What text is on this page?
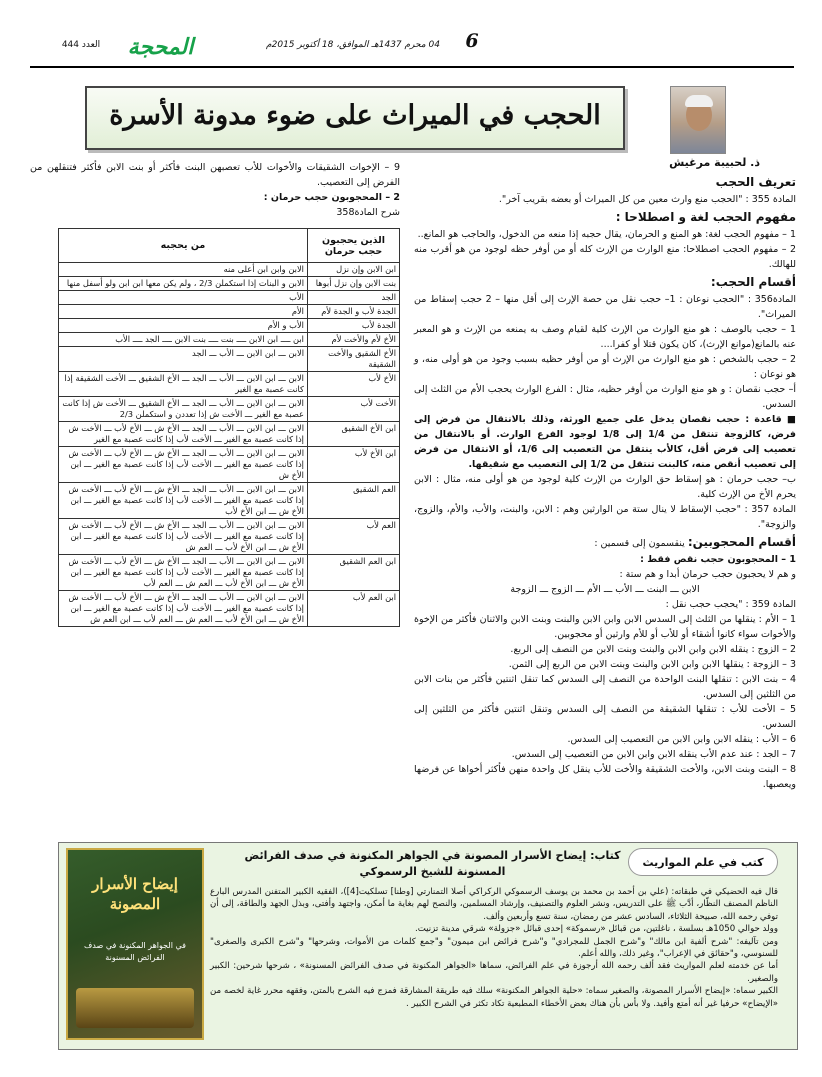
6
04 محرم 1437هـ الموافق، 18 أكتوبر 2015م
المحجة
العدد 444
الحجب في الميراث على ضوء مدونة الأسرة
ذ. لحبيبة مرغيش
9 – الإخوات الشقيقات والأخوات للأب تعصبهن البنت فأكثر أو بنت الابن فأكثر فتنقلهن من الفرض إلى التعصيب.
2 – المحجوبون حجب حرمان :
شرح المادة358
الذين يحجبون حجب حرمان	من يحجبه
ابن الابن وإن نزل	الابن وابن ابن أعلى منه
بنت الابن وإن نزل أبوها	الابن و البنات إذا استكملن 2/3 ، ولم يكن معها ابن ابن ولو أسفل منها
الجد	الأب
الجدة لأب و الجدة لأم	الأم
الجدة لأب	الأب و الأم
الأخ لأم والأخت لأم	ابن ــــ ابن الابن ــــ بنت ــــ بنت الابن ــــ الجد ــــ الأب
الأخ الشقيق والأخت الشقيقة	الابن ـــ ابن الابن ـــ الأب ـــ الجد
الأخ لأب	الابن ـــ ابن الابن ـــ الأب ـــ الجد ـــ الأخ الشقيق ـــ الأخت الشقيقة إذا كانت عصبة مع الغير
الأخت لأب	الابن ـــ ابن الابن ـــ الأب ـــ الجد ـــ الأخ الشقيق ـــ الأخت ش إذا كانت عصبة مع الغير ـــ الأخت ش إذا تعددن و استكملن 2/3
ابن الأخ الشقيق	الابن ـــ ابن الابن ـــ الأب ـــ الجد ـــ الأخ ش ـــ الأخ لأب ـــ الأخت ش إذا كانت عصبة مع الغير ـــ الأخت لأب إذا كانت عصبة مع الغير
ابن الأخ لأب	الابن ـــ ابن الابن ـــ الأب ـــ الجد ـــ الأخ ش ـــ الأخ لأب ـــ الأخت ش إذا كانت عصبة مع الغير ـــ الأخت لأب إذا كانت عصبة مع الغير ـــ ابن الأخ ش
العم الشقيق	الابن ـــ ابن الابن ـــ الأب ـــ الجد ـــ الأخ ش ـــ الأخ لأب ـــ الأخت ش إذا كانت عصبة مع الغير ـــ الأخت لأب إذا كانت عصبة مع الغير ـــ ابن الأخ ش ـــ ابن الأخ لأب
العم لأب	الابن ـــ ابن الابن ـــ الأب ـــ الجد ـــ الأخ ش ـــ الأخ لأب ـــ الأخت ش إذا كانت عصبة مع الغير ـــ الأخت لأب إذا كانت عصبة مع الغير ـــ ابن الأخ ش ـــ ابن الأخ لأب ـــ العم ش
ابن العم الشقيق	الابن ـــ ابن الابن ـــ الأب ـــ الجد ـــ الأخ ش ـــ الأخ لأب ـــ الأخت ش إذا كانت عصبة مع الغير ـــ الأخت لأب إذا كانت عصبة مع الغير ـــ ابن الأخ ش ـــ ابن الأخ لأب ـــ العم ش ـــ العم لأب
ابن العم لأب	الابن ـــ ابن الابن ـــ الأب ـــ الجد ـــ الأخ ش ـــ الأخ لأب ـــ الأخت ش إذا كانت عصبة مع الغير ـــ الأخت لأب إذا كانت عصبة مع الغير ـــ ابن الأخ ش ـــ ابن الأخ لأب ـــ العم ش ـــ العم لأب ـــ ابن العم ش
تعريف الحجب
المادة 355 : "الحجب منع وارث معين من كل الميراث أو بعضه بقريب آخر".
مفهوم الحجب لغة و اصطلاحا :
1 – مفهوم الحجب لغة: هو المنع و الحرمان، يقال حجبه إذا منعه من الدخول، والحاجب هو المانع..
2 – مفهوم الحجب اصطلاحا: منع الوارث من الإرث كله أو من أوفر حظه لوجود من هو أقرب منه للهالك.
أقسام الحجب:
المادة356 : "الحجب نوعان : 1– حجب نقل من حصة الإرث إلى أقل منها – 2 حجب إسقاط من الميراث".
1 – حجب بالوصف : هو منع الوارث من الإرث كلية لقيام وصف به يمنعه من الإرث و هو المعبر عنه بالمانع(موانع الإرث)، كان يكون قتلا أو كفرا....
2 – حجب بالشخص : هو منع الوارث من الإرث أو من أوفر حظيه بسبب وجود من هو أولى منه، و هو نوعان :
أ– حجب نقصان : و هو منع الوارث من أوفر حظيه، مثال : الفرع الوارث يحجب الأم من الثلث إلى السدس.
■ قاعدة : حجب نقصان يدخل على جميع الورثة، وذلك بالانتقال من فرض إلى فرض، كالزوجة تنتقل من 1/4 إلى 1/8 لوجود الفرع الوارث. أو بالانتقال من تعصيب إلى فرض أقل، كالأب ينتقل من التعصيب إلى 1/6، أو الانتقال من فرض إلى تعصيب أنقص منه، كالبنت تنتقل من 1/2 إلى التعصيب مع شقيقها.
ب– حجب حرمان : هو إسقاط حق الوارث من الإرث كلية لوجود من هو أولى منه، مثال : الابن يحرم الأخ من الإرث كلية.
المادة 357 : "حجب الإسقاط لا ينال ستة من الوارثين وهم : الابن، والبنت، والأب، والأم، والزوج، والزوجة".
أقسام المحجوبين: ينقسمون إلى قسمين :
1 – المحجوبون حجب نقص فقط :
و هم لا يحجبون حجب حرمان أبدا و هم ستة :
الابن ـــ البنت ـــ الأب ـــ الأم ـــ الزوج ـــ الزوجة
المادة 359 : "يحجب حجب نقل :
1 – الأم : ينقلها من الثلث إلى السدس الابن وابن الابن والبنت وبنت الابن والاثنان فأكثر من الإخوة والأخوات سواء كانوا أشقاء أو للأب أو للأم وارثين أو محجوبين.
2 – الزوج : ينقله الابن وابن الابن والبنت وبنت الابن من النصف إلى الربع.
3 – الزوجة : ينقلها الابن وابن الابن والبنت وبنت الابن من الربع إلى الثمن.
4 – بنت الابن : تنقلها البنت الواحدة من النصف إلى السدس كما تنقل اثنتين فأكثر من بنات الابن من الثلثين إلى السدس.
5 – الأخت للأب : تنقلها الشقيقة من النصف إلى السدس وتنقل اثنتين فأكثر من الثلثين إلى السدس.
6 – الأب : ينقله الابن وابن الابن من التعصيب إلى السدس.
7 – الجد : عند عدم الأب ينقله الابن وابن الابن من التعصيب إلى السدس.
8 – البنت وبنت الابن، والأخت الشقيقة والأخت للأب ينقل كل واحدة منهن فأكثر أخواها عن فرضها ويعصبها.
كتب في علم المواريث
كتاب: إيضاح الأسرار المصونة في الجواهر المكنونة في صدف الفرائض المسنونة للشيخ الرسموكي
قال فيه الحضيكي في طبقاته: (علي بن أحمد بن محمد بن يوسف الرسموكي الركراكي أصلا التمنارتي [وطنا] تسلكيت[4])، الفقيه الكبير المتفنن المدرس البارع الناظم المصنف النظّار، أدَّب ﷺ على التدريس، ونشر العلوم والتصنيف، وإرشاد المسلمين، والنصح لهم بغاية ما أمكن، واجتهد وأفتى، وبذل الجهد والطاقة، إلى أن توفي رحمه الله، صبيحة الثلاثاء، السادس عشر من رمضان، سنة تسع وأربعين وألف.
وولد حوالي 1050هـ بسلسة ، ناغلتين، من قبائل «رسموكة» إحدى قبائل «جزولة» شرقي مدينة تزنيت.
ومن تآليفه: "شرح ألفية ابن مالك" و"شرح الجمل للمجرادي" و"شرح فرائض ابن ميمون" و"جمع كلمات من الأموات، وشرحها" و"شرح الكبرى والصغرى" للسنوسي، و"حقائق في الإعراب"، وغير ذلك، والله أعلم.
أما عن خدمته لعلم المواريث فقد ألف رحمه الله أرجوزة في علم الفرائض، سماها «الجواهر المكنونة في صدف الفرائض المسنونة» ، شرحها شرحين: الكبير والصغير.
الكبير سماه: «إيضاح الأسرار المصونة، والصغير سماه: «حلية الجواهر المكنونة» سلك فيه طريقة المشارقة فمزج فيه الشرح بالمتن، وفقهه محرر غاية لخصه من «الإيضاح» حرفيا غير أنه أمتع وأفيد. ولا بأس بأن هناك بعض الأخطاء المطبعية تكاد تكثر في الشرح الكبير .
إيضاح الأسرار المصونة
في الجواهر المكنونة في صدف الفرائض المسنونة
